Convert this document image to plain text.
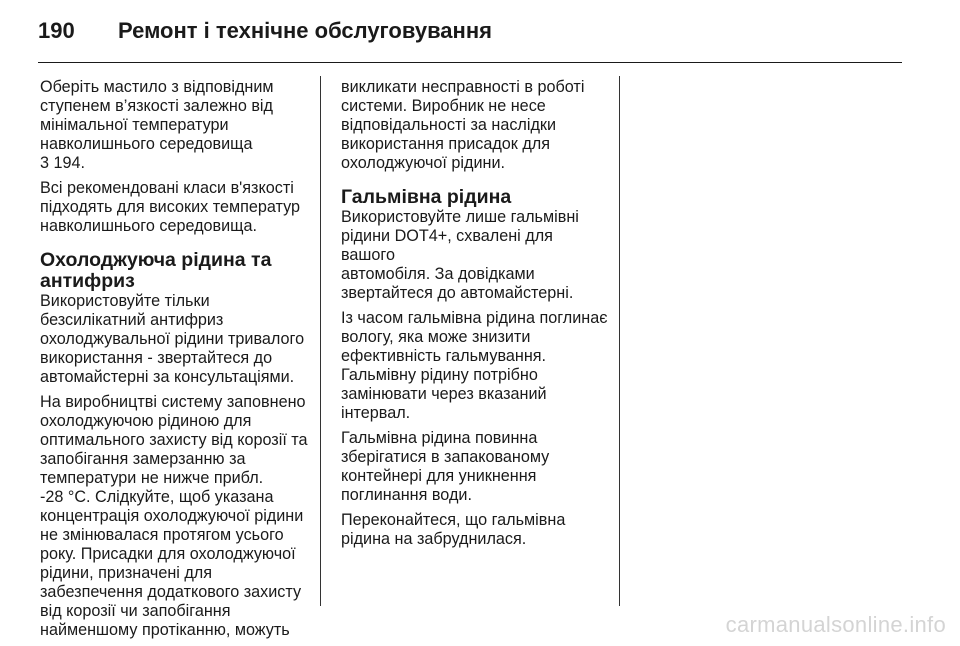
190	Ремонт і технічне обслуговування

Оберіть мастило з відповідним
ступенем в’язкості залежно від
мінімальної температури
навколишнього середовища
3 194.

Всі рекомендовані класи в'язкості
підходять для високих температур
навколишнього середовища.

Охолоджуюча рідина та
антифриз

Використовуйте тільки
безсилікатний антифриз
охолоджувальної рідини тривалого
використання - звертайтеся до
автомайстерні за консультаціями.

На виробництві систему заповнено
охолоджуючою рідиною для
оптимального захисту від корозії та
запобігання замерзанню за
температури не нижче прибл.
-28 °C. Слідкуйте, щоб указана
концентрація охолоджуючої рідини
не змінювалася протягом усього
року. Присадки для охолоджуючої
рідини, призначені для
забезпечення додаткового захисту
від корозії чи запобігання
найменшому протіканню, можуть

викликати несправності в роботі
системи. Виробник не несе
відповідальності за наслідки
використання присадок для
охолоджуючої рідини.

Гальмівна рідина

Використовуйте лише гальмівні
рідини DOT4+, схвалені для вашого
автомобіля. За довідками
звертайтеся до автомайстерні.

Із часом гальмівна рідина поглинає
вологу, яка може знизити
ефективність гальмування.
Гальмівну рідину потрібно
замінювати через вказаний
інтервал.

Гальмівна рідина повинна
зберігатися в запакованому
контейнері для уникнення
поглинання води.

Переконайтеся, що гальмівна
рідина на забруднилася.

carmanualsonline.info
